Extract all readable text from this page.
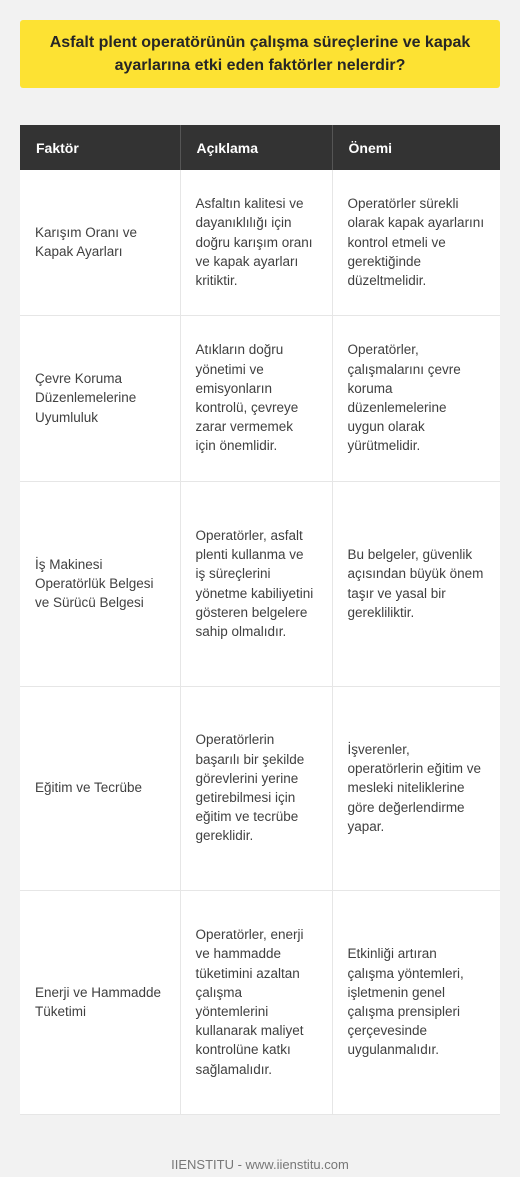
Asfalt plent operatörünün çalışma süreçlerine ve kapak ayarlarına etki eden faktörler nelerdir?
Faktör	Açıklama	Önemi
Karışım Oranı ve Kapak Ayarları	Asfaltın kalitesi ve dayanıklılığı için doğru karışım oranı ve kapak ayarları kritiktir.	Operatörler sürekli olarak kapak ayarlarını kontrol etmeli ve gerektiğinde düzeltmelidir.
Çevre Koruma Düzenlemelerine Uyumluluk	Atıkların doğru yönetimi ve emisyonların kontrolü, çevreye zarar vermemek için önemlidir.	Operatörler, çalışmalarını çevre koruma düzenlemelerine uygun olarak yürütmelidir.
İş Makinesi Operatörlük Belgesi ve Sürücü Belgesi	Operatörler, asfalt plenti kullanma ve iş süreçlerini yönetme kabiliyetini gösteren belgelere sahip olmalıdır.	Bu belgeler, güvenlik açısından büyük önem taşır ve yasal bir gerekliliktir.
Eğitim ve Tecrübe	Operatörlerin başarılı bir şekilde görevlerini yerine getirebilmesi için eğitim ve tecrübe gereklidir.	İşverenler, operatörlerin eğitim ve mesleki niteliklerine göre değerlendirme yapar.
Enerji ve Hammadde Tüketimi	Operatörler, enerji ve hammadde tüketimini azaltan çalışma yöntemlerini kullanarak maliyet kontrolüne katkı sağlamalıdır.	Etkinliği artıran çalışma yöntemleri, işletmenin genel çalışma prensipleri çerçevesinde uygulanmalıdır.
IIENSTITU - www.iienstitu.com
